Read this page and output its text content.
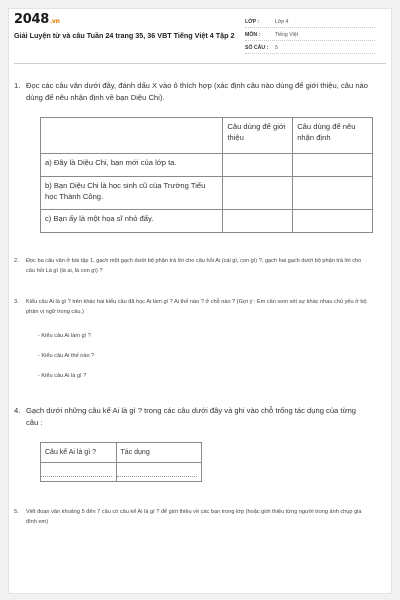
2048.vn
Giải Luyện từ và câu Tuần 24 trang 35, 36 VBT Tiếng Việt 4 Tập 2
LỚP :	Lớp 4
MÔN :	Tiếng Việt
SỐ CÂU :	5
1. Đọc các câu văn dưới đây, đánh dấu X vào ô thích hợp (xác định câu nào dùng để giới thiệu, câu nào dùng để nêu nhận định về bạn Diệu Chi).
	Câu dùng để giới thiệu	Câu dùng để nêu nhận định
a) Đây là Diệu Chi, bạn mới của lớp ta.		
b) Bạn Diệu Chi là học sinh cũ của Trường Tiểu học Thành Công.		
c) Bạn ấy là một họa sĩ nhỏ đấy.		
2.	Đọc ba câu văn ở bài tập 1, gạch một gạch dưới bộ phận trả lời cho câu hỏi Ai (cái gì, con gì) ?, gạch hai gạch dưới bộ phận trả lời cho câu hỏi Là gì (là ai, là con gì) ?
3.	Kiểu câu Ai là gì ? trên khác hai kiểu câu đã học Ai làm gì ? Ai thế nào ? ở chỗ nào ? (Gợi ý : Em cần xem xét sự khác nhau chủ yếu ở bộ phận vị ngữ trong câu.)
- Kiểu câu Ai làm gì ?
- Kiểu câu Ai thế nào ?
- Kiểu câu Ai là gì ?
4. Gạch dưới những câu kể Ai là gì ? trong các câu dưới đây và ghi vào chỗ trống tác dụng của từng câu :
Câu kể Ai là gì ?	Tác dụng

5.	Viết đoạn văn khoảng 5 đến 7 câu có câu kể Ai là gì ? để giới thiệu về các bạn trong lớp (hoặc giới thiệu từng người trong ảnh chụp gia đình em)
